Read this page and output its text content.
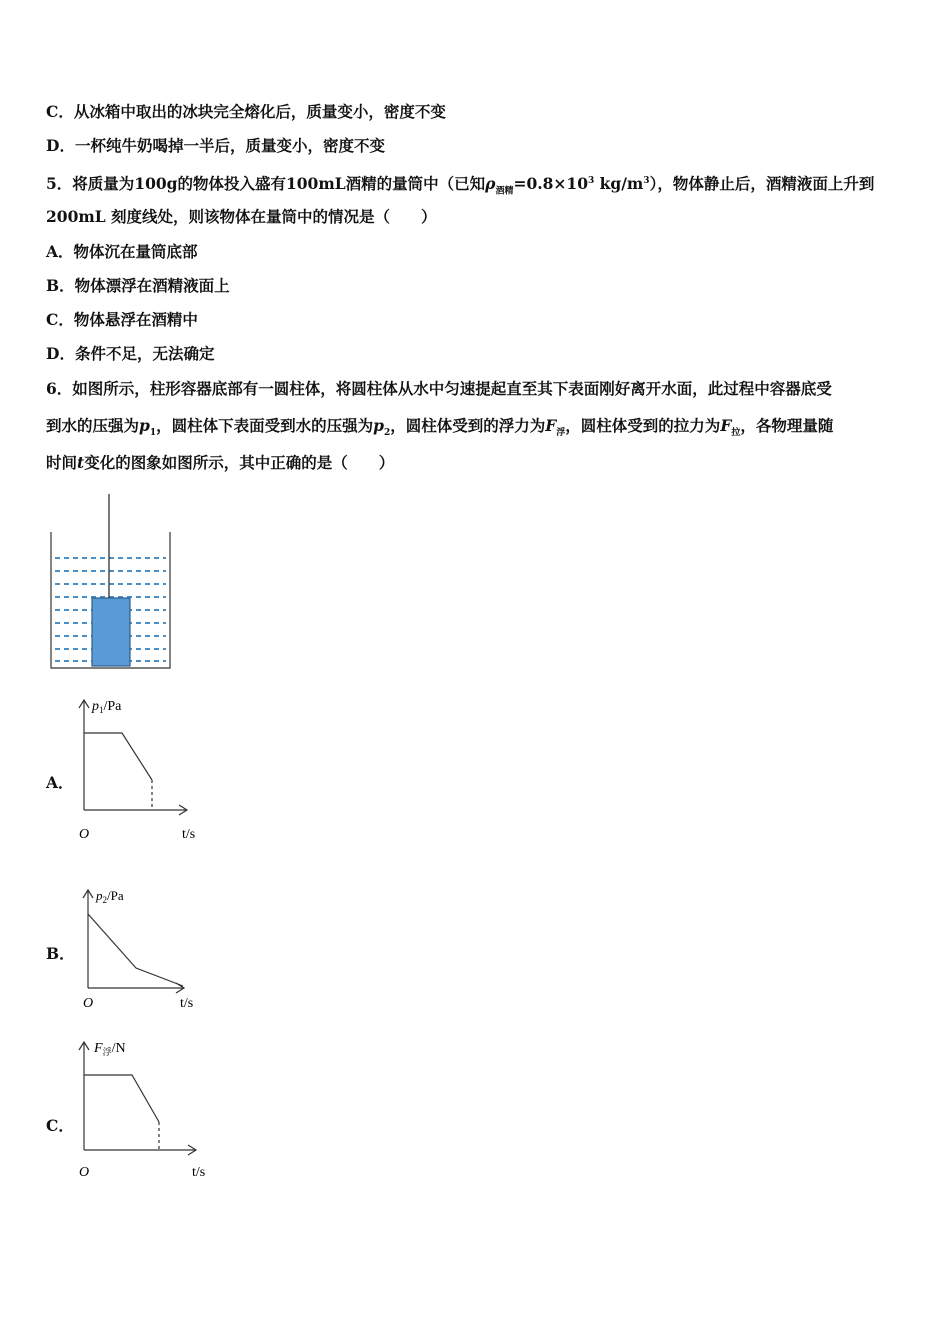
C．从冰箱中取出的冰块完全熔化后，质量变小，密度不变
D．一杯纯牛奶喝掉一半后，质量变小，密度不变
5．将质量为100g的物体投入盛有100mL酒精的量筒中（已知$\rho_{酒精}=0.8\times 10^3$ $kg/m^3$），物体静止后，酒精液面上升到
200mL 刻度线处，则该物体在量筒中的情况是（　　）
A．物体沉在量筒底部
B．物体漂浮在酒精液面上
C．物体悬浮在酒精中
D．条件不足，无法确定
6．如图所示，柱形容器底部有一圆柱体，将圆柱体从水中匀速提起直至其下表面刚好离开水面，此过程中容器底受
到水的压强为$p_1$，圆柱体下表面受到水的压强为$p_2$，圆柱体受到的浮力为$F_浮$，圆柱体受到的拉力为$F_拉$，各物理量随
时间t变化的图象如图所示，其中正确的是（　　）
A．
$p_1/Pa$
O	t/s
B．
$p_2/Pa$
O	t/s
C．
$F_浮/N$
O	t/s
